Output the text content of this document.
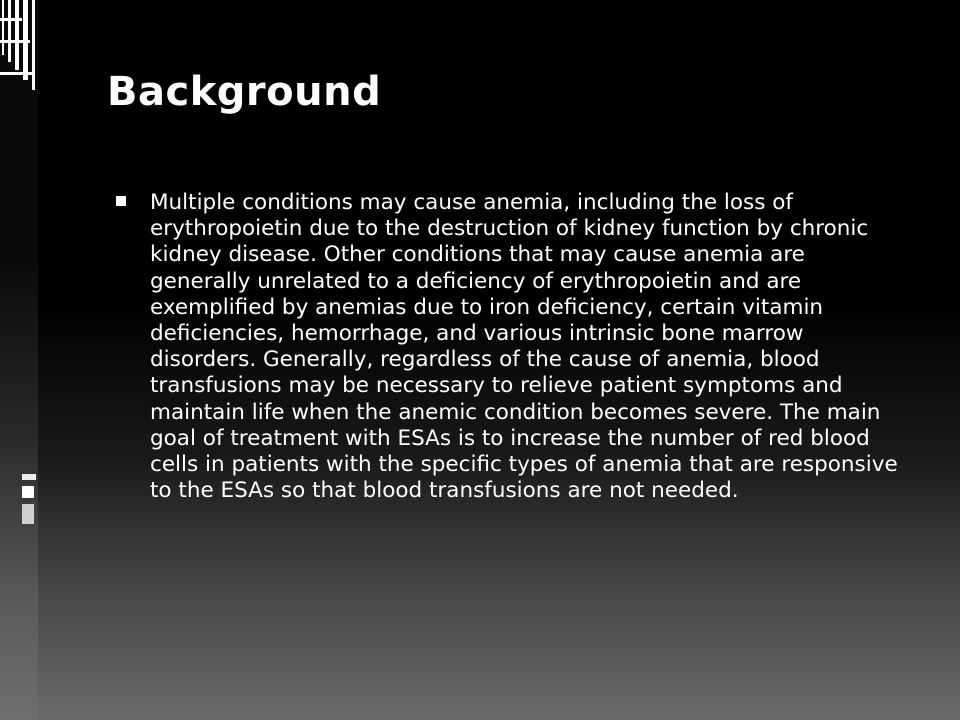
Background
Multiple conditions may cause anemia, including the loss of erythropoietin due to the destruction of kidney function by chronic kidney disease. Other conditions that may cause anemia are generally unrelated to a deficiency of erythropoietin and are exemplified by anemias due to iron deficiency, certain vitamin deficiencies, hemorrhage, and various intrinsic bone marrow disorders. Generally, regardless of the cause of anemia, blood transfusions may be necessary to relieve patient symptoms and maintain life when the anemic condition becomes severe. The main goal of treatment with ESAs is to increase the number of red blood cells in patients with the specific types of anemia that are responsive to the ESAs so that blood transfusions are not needed.
